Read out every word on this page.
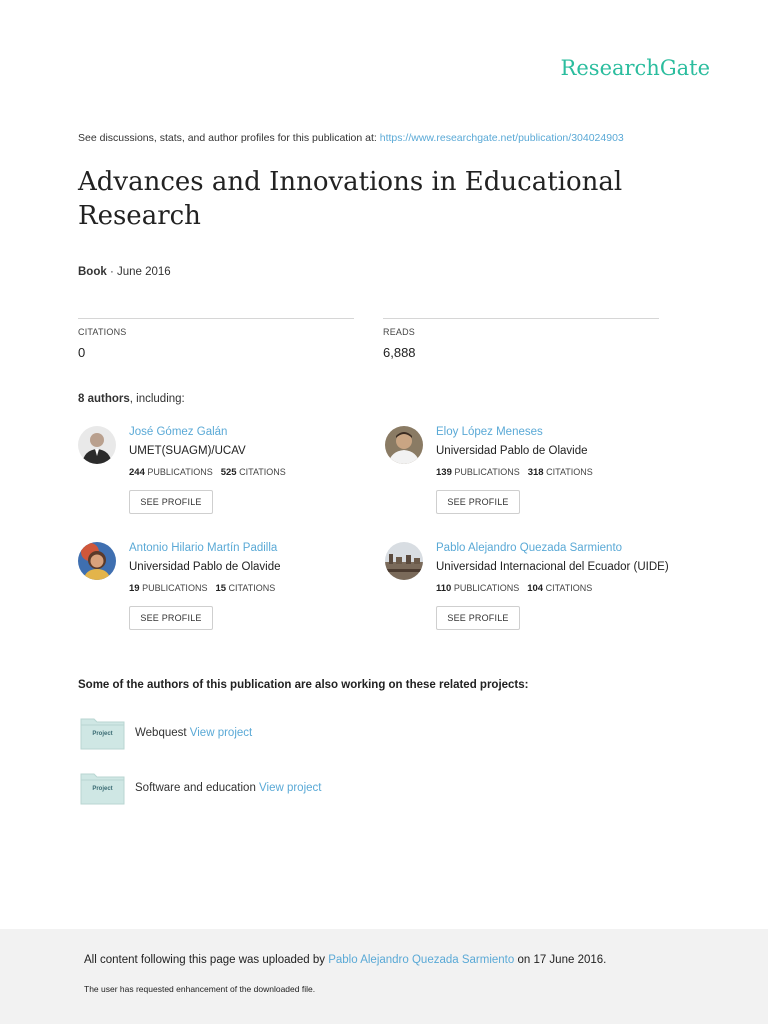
ResearchGate
See discussions, stats, and author profiles for this publication at: https://www.researchgate.net/publication/304024903
Advances and Innovations in Educational Research
Book · June 2016
CITATIONS
0
READS
6,888
8 authors, including:
José Gómez Galán
UMET(SUAGM)/UCAV
244 PUBLICATIONS 525 CITATIONS
SEE PROFILE
Eloy López Meneses
Universidad Pablo de Olavide
139 PUBLICATIONS 318 CITATIONS
SEE PROFILE
Antonio Hilario Martín Padilla
Universidad Pablo de Olavide
19 PUBLICATIONS 15 CITATIONS
SEE PROFILE
Pablo Alejandro Quezada Sarmiento
Universidad Internacional del Ecuador (UIDE)
110 PUBLICATIONS 104 CITATIONS
SEE PROFILE
Some of the authors of this publication are also working on these related projects:
Project	Webquest View project
Project	Software and education View project
All content following this page was uploaded by Pablo Alejandro Quezada Sarmiento on 17 June 2016.
The user has requested enhancement of the downloaded file.
